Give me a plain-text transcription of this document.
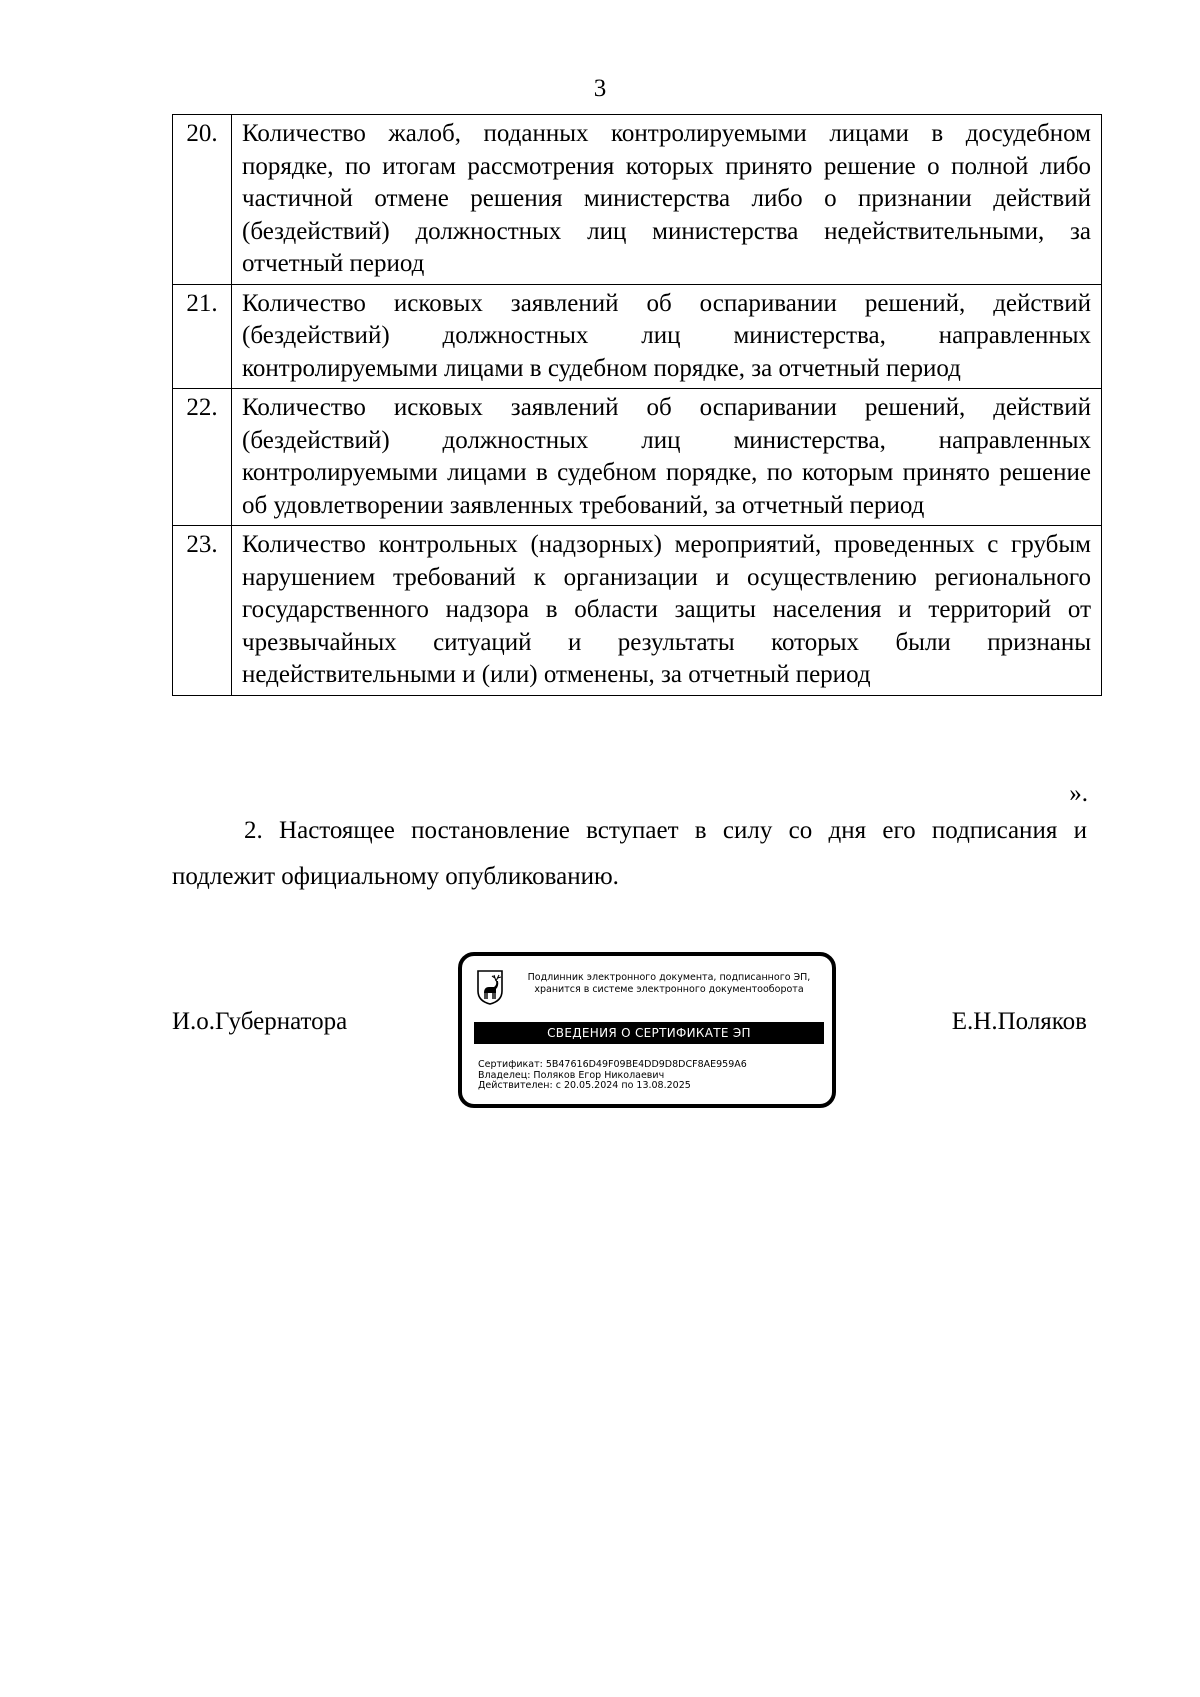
3
20.	Количество жалоб, поданных контролируемыми лицами в досудебном порядке, по итогам рассмотрения которых принято решение о полной либо частичной отмене решения министерства либо о признании действий (бездействий) должностных лиц министерства недействительными, за отчетный период
21.	Количество исковых заявлений об оспаривании решений, действий (бездействий) должностных лиц министерства, направленных контролируемыми лицами в судебном порядке, за отчетный период
22.	Количество исковых заявлений об оспаривании решений, действий (бездействий) должностных лиц министерства, направленных контролируемыми лицами в судебном порядке, по которым принято решение об удовлетворении заявленных требований, за отчетный период
23.	Количество контрольных (надзорных) мероприятий, проведенных с грубым нарушением требований к организации и осуществлению регионального государственного надзора в области защиты населения и территорий от чрезвычайных ситуаций и результаты которых были признаны недействительными и (или) отменены, за отчетный период
».
2. Настоящее постановление вступает в силу со дня его подписания и подлежит официальному опубликованию.
И.о.Губернатора
Подлинник электронного документа, подписанного ЭП,
хранится в системе электронного документооборота
СВЕДЕНИЯ О СЕРТИФИКАТЕ ЭП
Сертификат: 5B47616D49F09BE4DD9D8DCF8AE959A6
Владелец: Поляков Егор Николаевич
Действителен: с 20.05.2024 по 13.08.2025
Е.Н.Поляков
